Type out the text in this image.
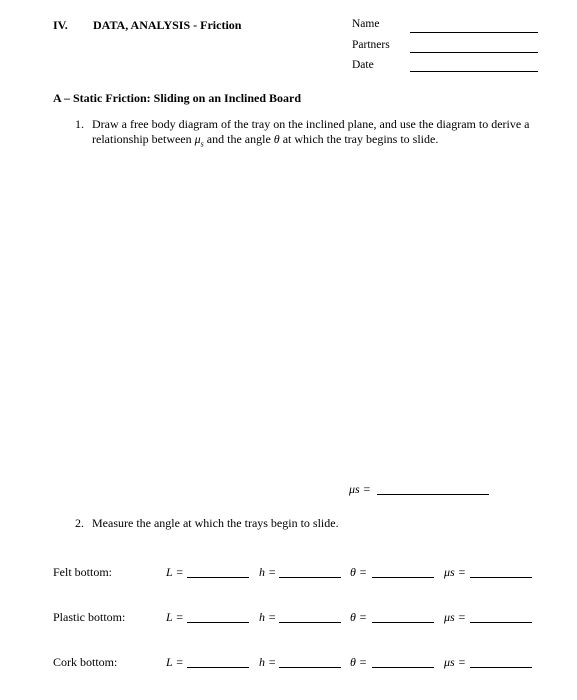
IV. DATA, ANALYSIS - Friction	Name
Partners
Date
A – Static Friction: Sliding on an Inclined Board
1. Draw a free body diagram of the tray on the inclined plane, and use the diagram to derive a relationship between $\mu_s$ and the angle θ at which the tray begins to slide.
μs =
2. Measure the angle at which the trays begin to slide.
Felt bottom:	L =	h =	θ =	μs =
Plastic bottom:	L =	h =	θ =	μs =
Cork bottom:	L =	h =	θ =	μs =
